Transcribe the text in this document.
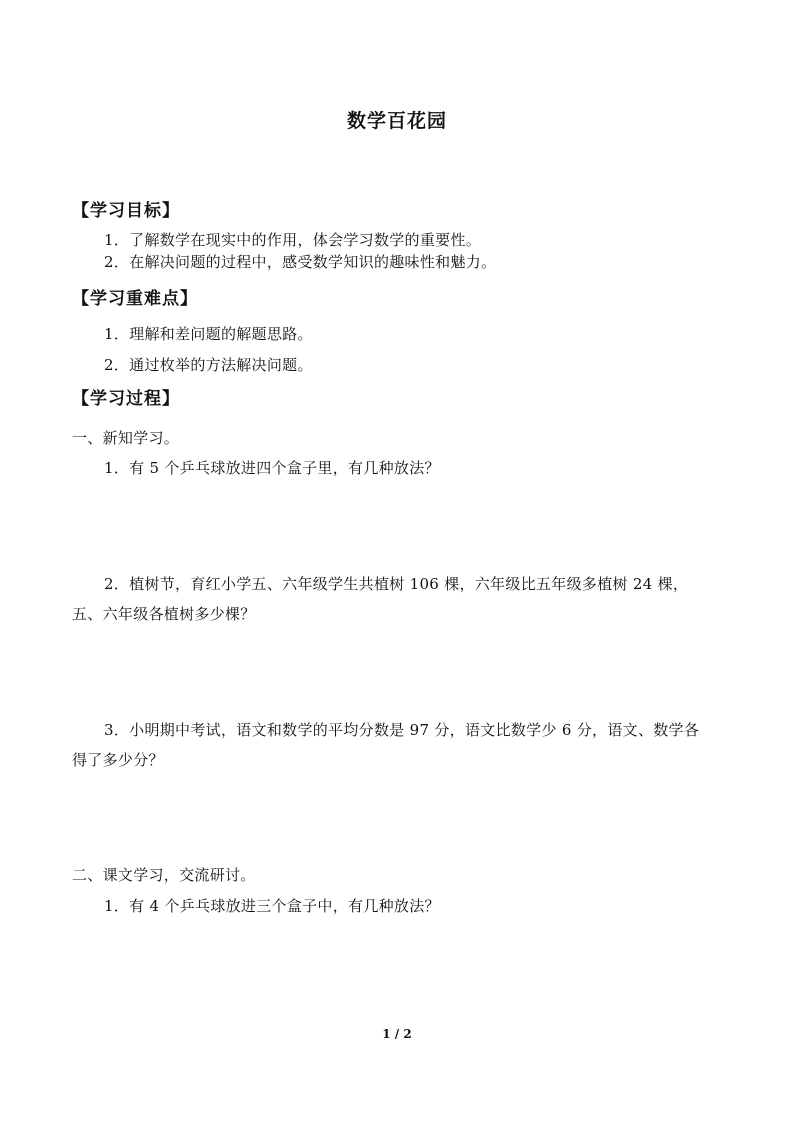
数学百花园
【学习目标】
1．了解数学在现实中的作用，体会学习数学的重要性。
2．在解决问题的过程中，感受数学知识的趣味性和魅力。
【学习重难点】
1．理解和差问题的解题思路。
2．通过枚举的方法解决问题。
【学习过程】
一、新知学习。
1．有 5 个乒乓球放进四个盒子里，有几种放法？
2．植树节，育红小学五、六年级学生共植树 106 棵，六年级比五年级多植树 24 棵，
五、六年级各植树多少棵？
3．小明期中考试，语文和数学的平均分数是 97 分，语文比数学少 6 分，语文、数学各
得了多少分？
二、课文学习，交流研讨。
1．有 4 个乒乓球放进三个盒子中，有几种放法？
1 / 2
